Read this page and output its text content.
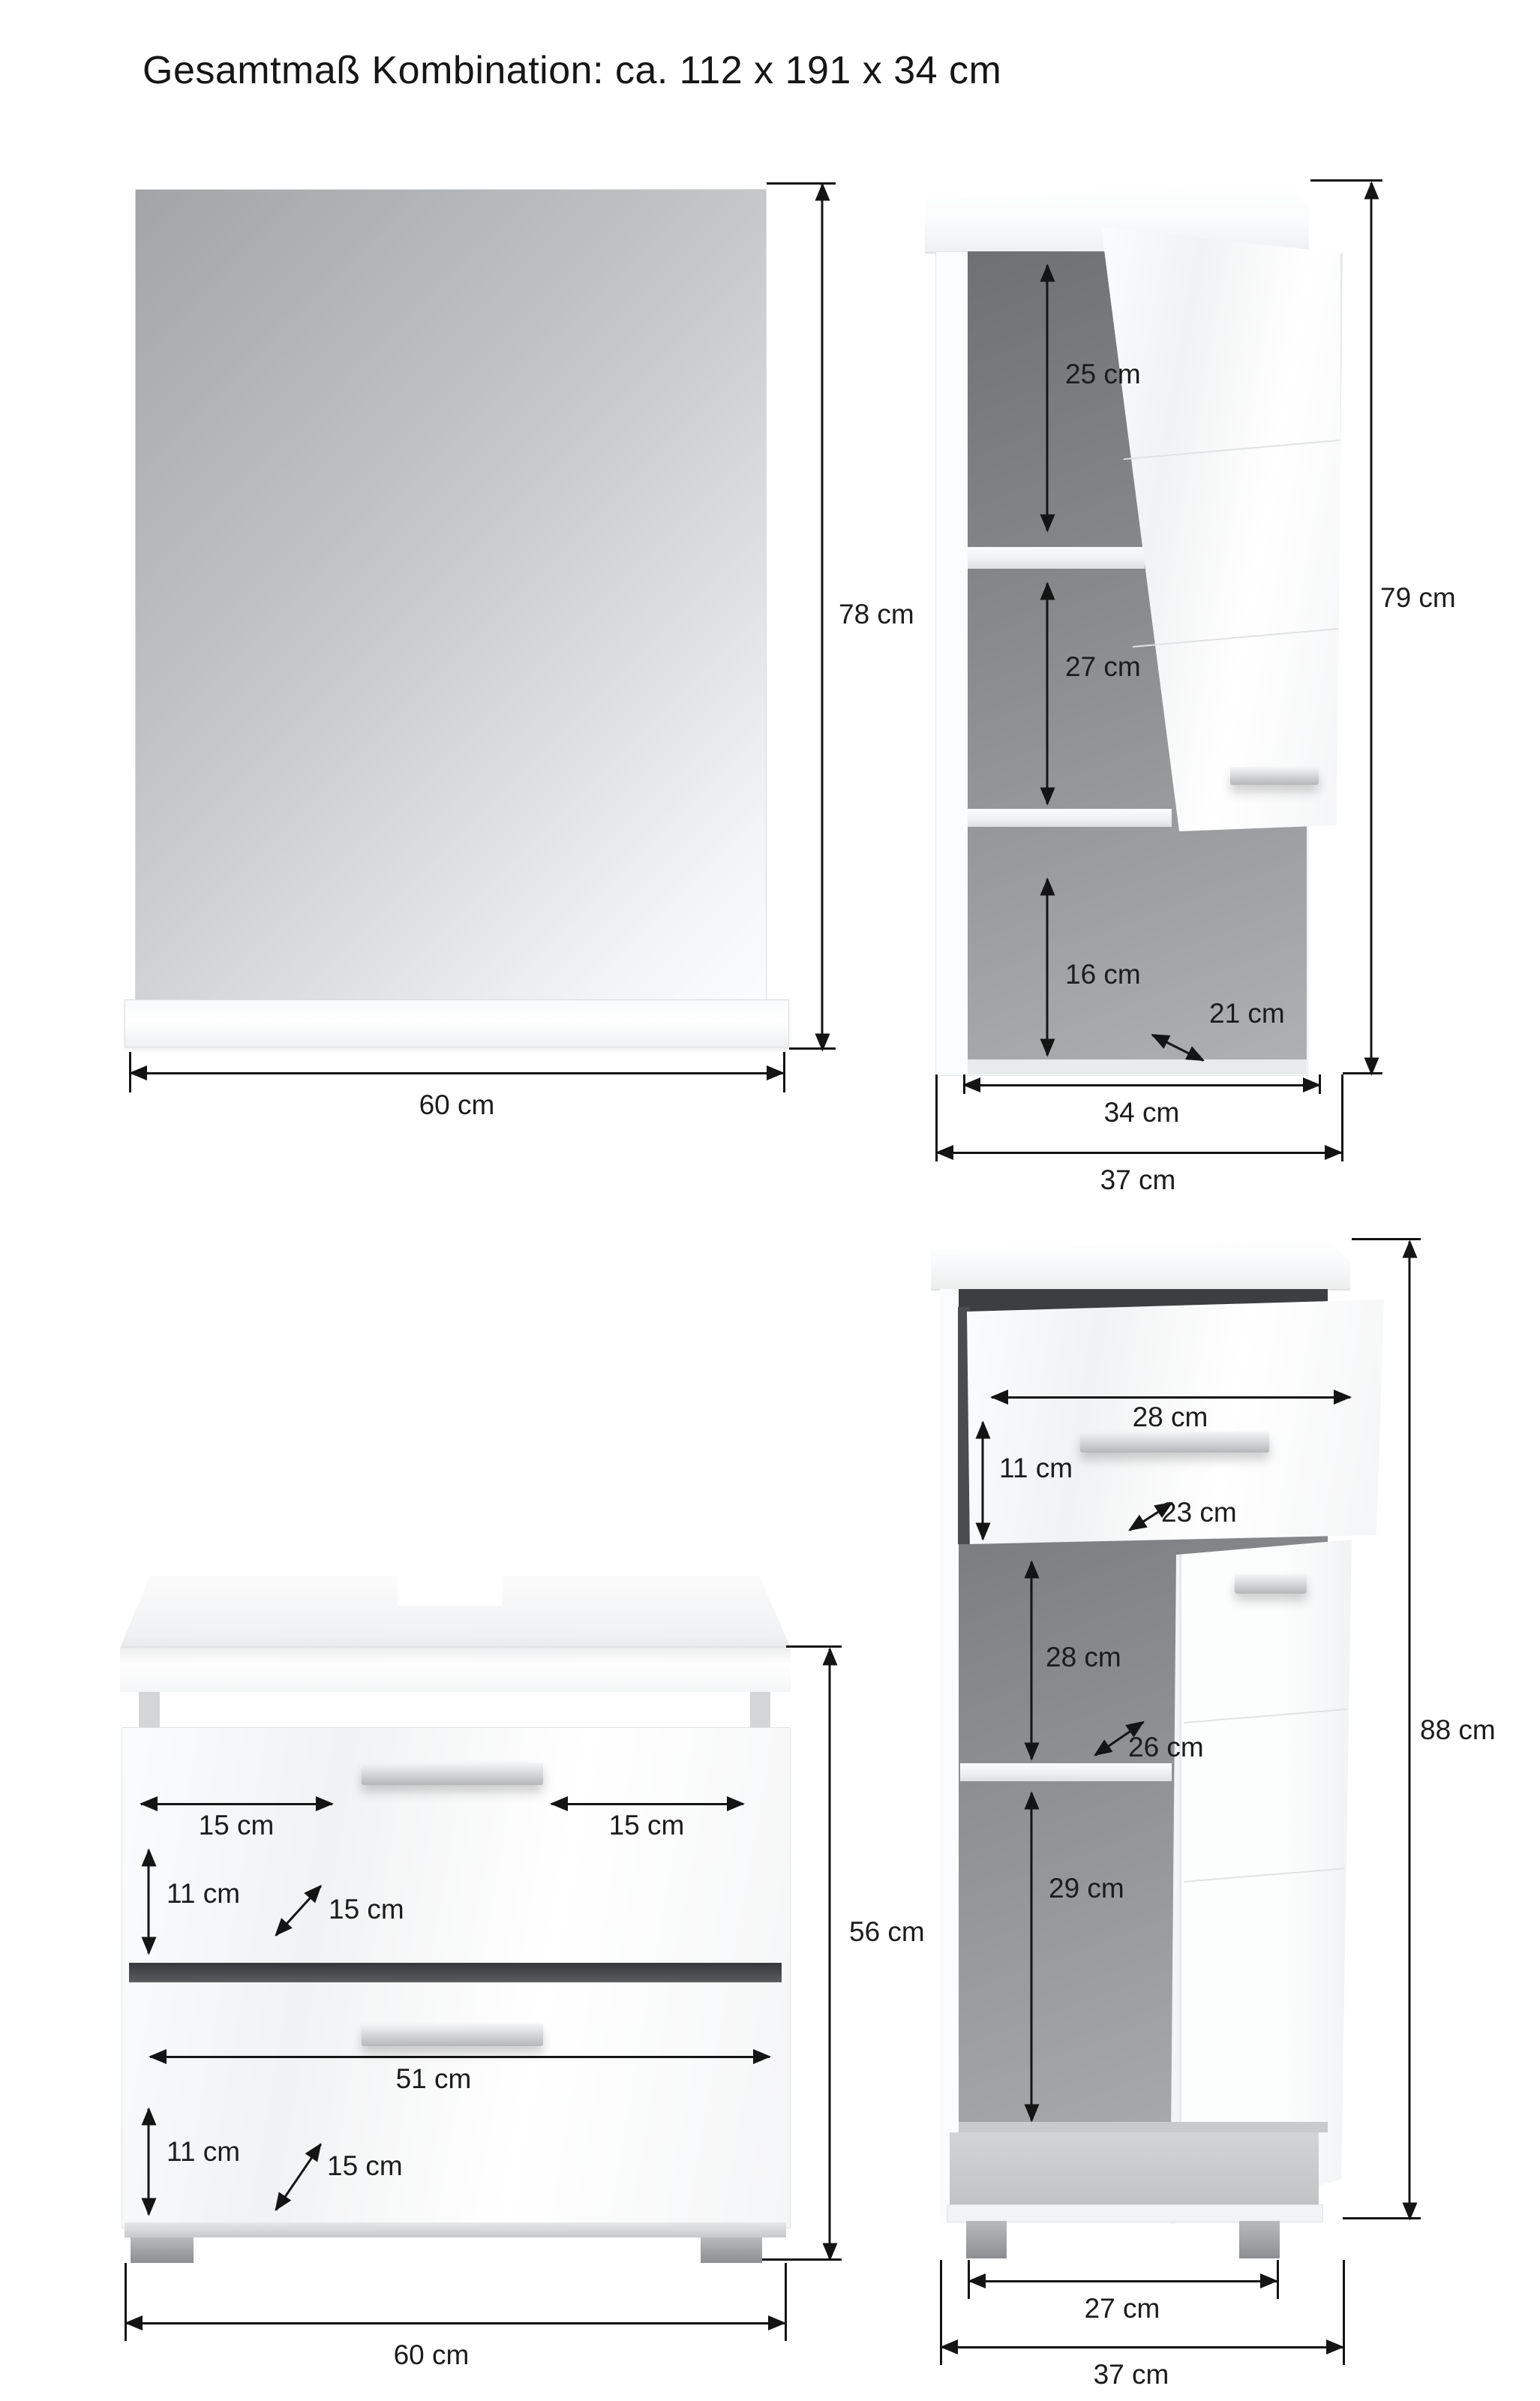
Gesamtmaß Kombination: ca. 112 x 191 x 34 cm
78 cm
60 cm
25 cm
27 cm
16 cm
21 cm
34 cm
37 cm
79 cm
15 cm	15 cm
11 cm
15 cm
51 cm
11 cm	15 cm
56 cm
60 cm
28 cm
11 cm
23 cm
28 cm
26 cm
29 cm
88 cm
27 cm
37 cm
